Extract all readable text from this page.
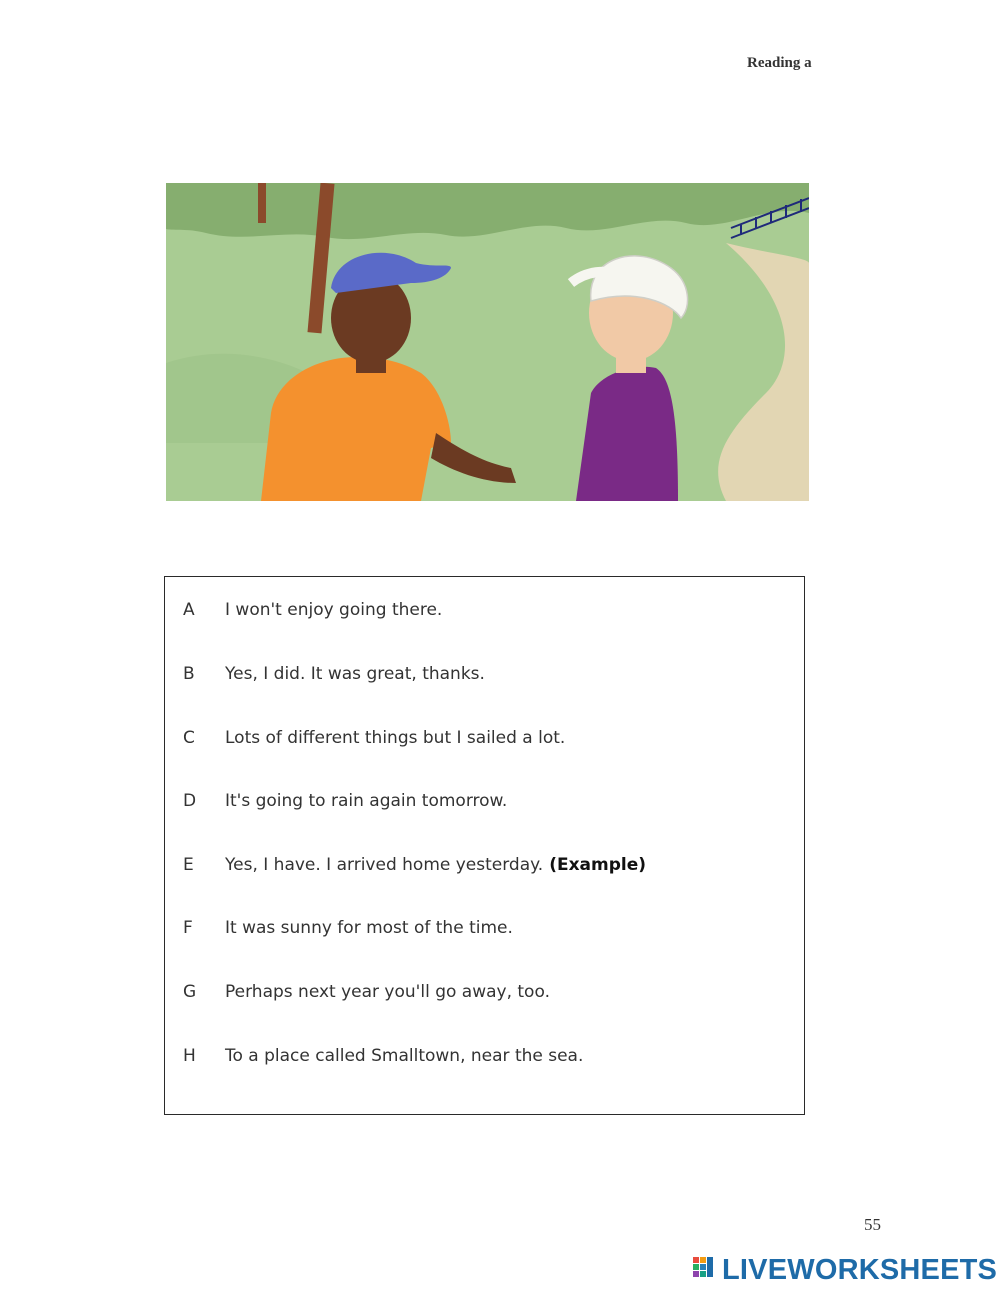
Reading a
A I won't enjoy going there.
B Yes, I did. It was great, thanks.
C Lots of different things but I sailed a lot.
D It's going to rain again tomorrow.
E Yes, I have. I arrived home yesterday. (Example)
F It was sunny for most of the time.
G Perhaps next year you'll go away, too.
H To a place called Smalltown, near the sea.
55
LIVEWORKSHEETS
